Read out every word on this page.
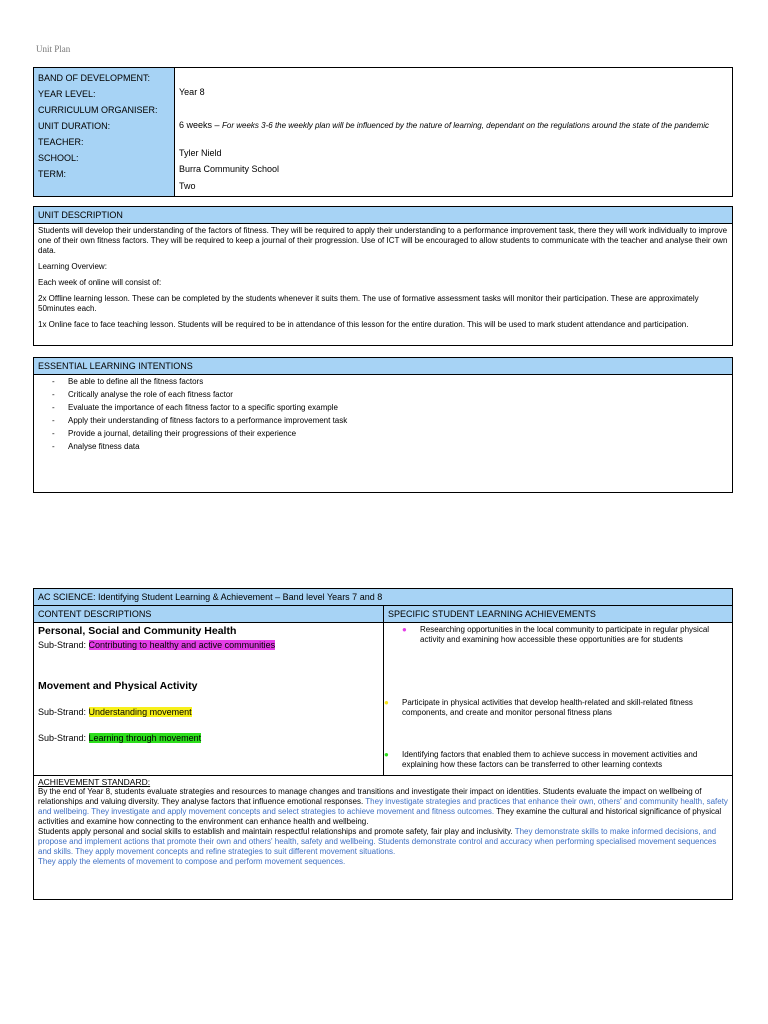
Unit Plan
BAND OF DEVELOPMENT:
YEAR LEVEL:
CURRICULUM ORGANISER:
UNIT DURATION:
TEACHER:
SCHOOL:
TERM:
Year 8
6 weeks – For weeks 3-6 the weekly plan will be influenced by the nature of learning, dependant on the regulations around the state of the pandemic
Tyler Nield
Burra Community School
Two
UNIT DESCRIPTION

Students will develop their understanding of the factors of fitness. They will be required to apply their understanding to a performance improvement task, there they will work individually to improve one of their own fitness factors. They will be required to keep a journal of their progression. Use of ICT will be encouraged to allow students to communicate with the teacher and analyse their own data.

Learning Overview:

Each week of online will consist of:

2x Offline learning lesson. These can be completed by the students whenever it suits them. The use of formative assessment tasks will monitor their participation. These are approximately 50minutes each.

1x Online face to face teaching lesson. Students will be required to be in attendance of this lesson for the entire duration. This will be used to mark student attendance and participation.

ESSENTIAL LEARNING INTENTIONS
- Be able to define all the fitness factors
- Critically analyse the role of each fitness factor
- Evaluate the importance of each fitness factor to a specific sporting example
- Apply their understanding of fitness factors to a performance improvement task
- Provide a journal, detailing their progressions of their experience
- Analyse fitness data
AC SCIENCE: Identifying Student Learning & Achievement – Band level Years 7 and 8
CONTENT DESCRIPTIONS	SPECIFIC STUDENT LEARNING ACHIEVEMENTS
Personal, Social and Community Health
Sub-Strand: Contributing to healthy and active communities
Movement and Physical Activity
Sub-Strand: Understanding movement
Sub-Strand: Learning through movement
● Researching opportunities in the local community to participate in regular physical activity and examining how accessible these opportunities are for students
● Participate in physical activities that develop health-related and skill-related fitness components, and create and monitor personal fitness plans
● Identifying factors that enabled them to achieve success in movement activities and explaining how these factors can be transferred to other learning contexts
ACHIEVEMENT STANDARD:
By the end of Year 8, students evaluate strategies and resources to manage changes and transitions and investigate their impact on identities. Students evaluate the impact on wellbeing of relationships and valuing diversity. They analyse factors that influence emotional responses. They investigate strategies and practices that enhance their own, others' and community health, safety and wellbeing. They investigate and apply movement concepts and select strategies to achieve movement and fitness outcomes. They examine the cultural and historical significance of physical activities and examine how connecting to the environment can enhance health and wellbeing.
Students apply personal and social skills to establish and maintain respectful relationships and promote safety, fair play and inclusivity. They demonstrate skills to make informed decisions, and propose and implement actions that promote their own and others' health, safety and wellbeing. Students demonstrate control and accuracy when performing specialised movement sequences and skills. They apply movement concepts and refine strategies to suit different movement situations.
They apply the elements of movement to compose and perform movement sequences.
